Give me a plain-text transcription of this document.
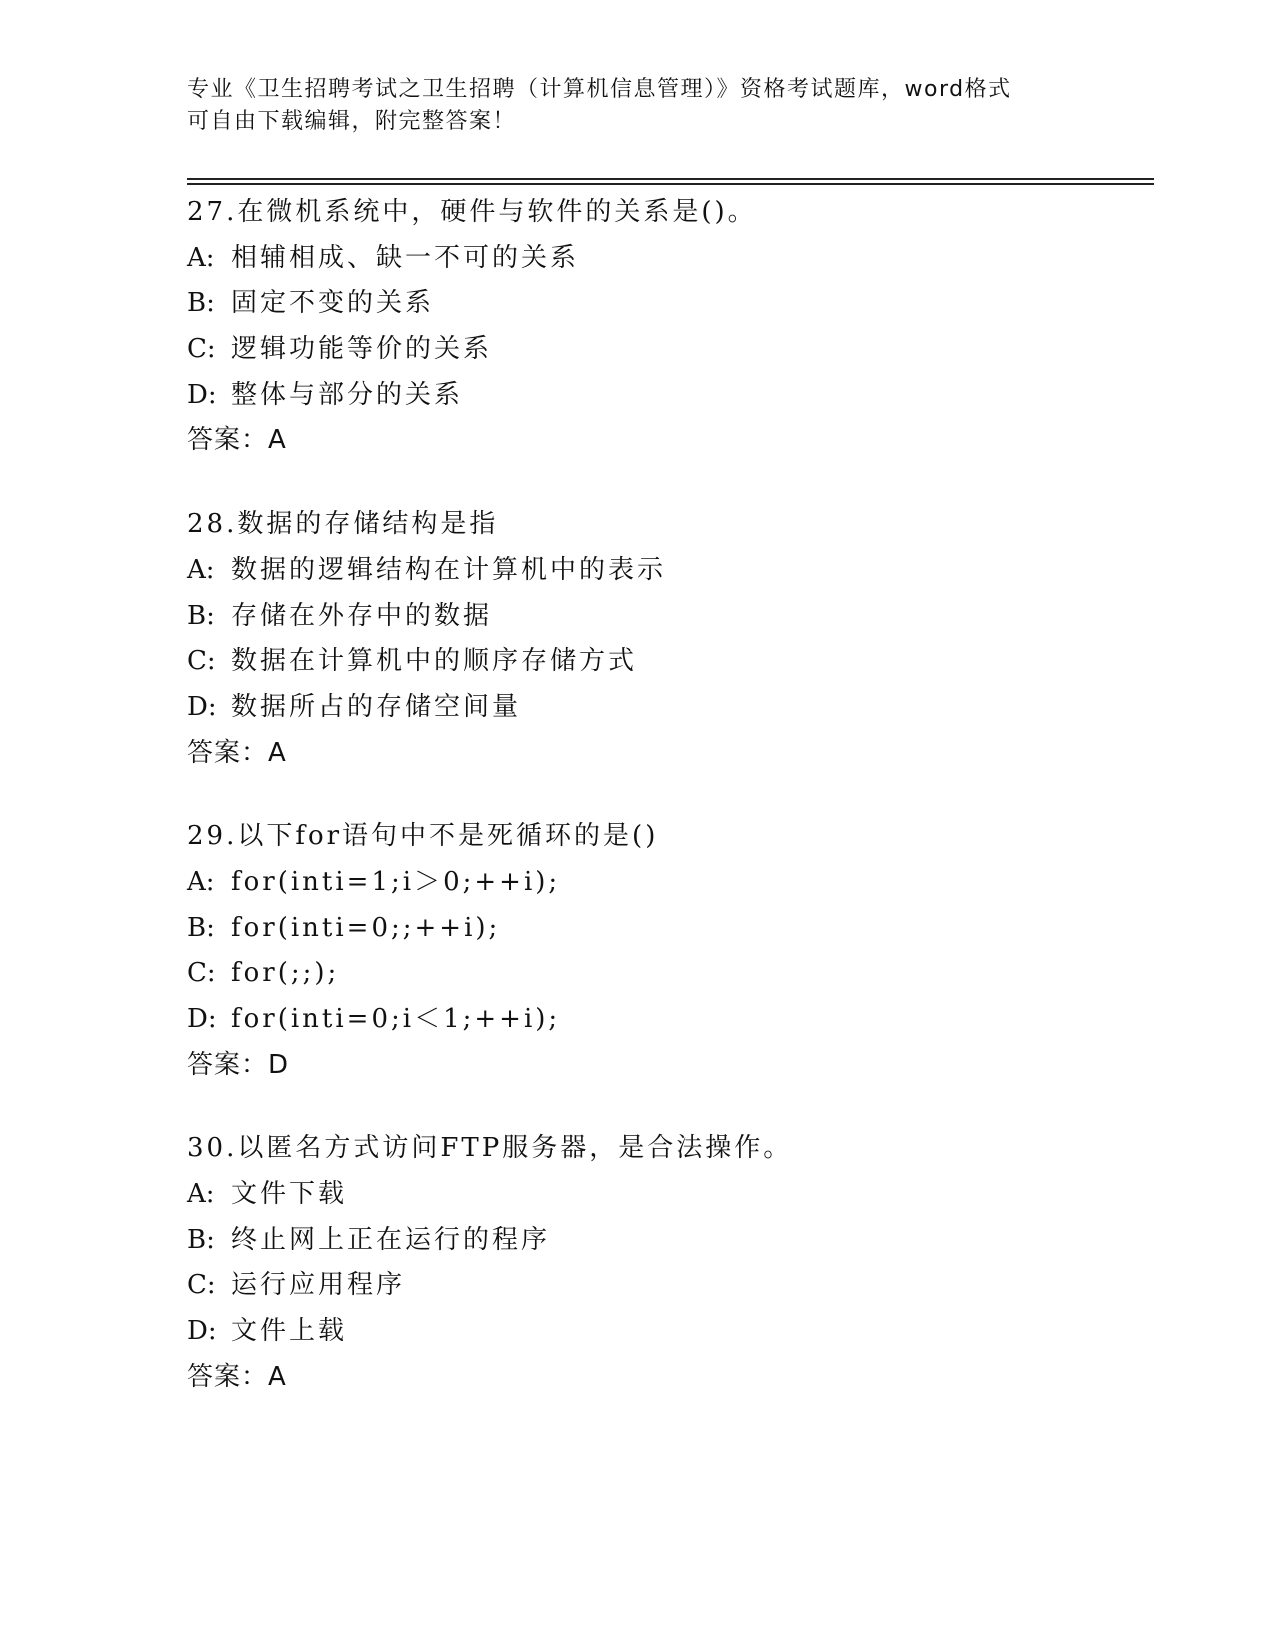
专业《卫生招聘考试之卫生招聘（计算机信息管理）》资格考试题库，word格式
可自由下载编辑，附完整答案！
27.在微机系统中，硬件与软件的关系是()。
A: 相辅相成、缺一不可的关系
B: 固定不变的关系
C: 逻辑功能等价的关系
D: 整体与部分的关系
答案：A
28.数据的存储结构是指
A: 数据的逻辑结构在计算机中的表示
B: 存储在外存中的数据
C: 数据在计算机中的顺序存储方式
D: 数据所占的存储空间量
答案：A
29.以下for语句中不是死循环的是()
A: for(inti=1;i＞0;++i);
B: for(inti=0;;++i);
C: for(;;);
D: for(inti=0;i＜1;++i);
答案：D
30.以匿名方式访问FTP服务器，是合法操作。
A: 文件下载
B: 终止网上正在运行的程序
C: 运行应用程序
D: 文件上载
答案：A
